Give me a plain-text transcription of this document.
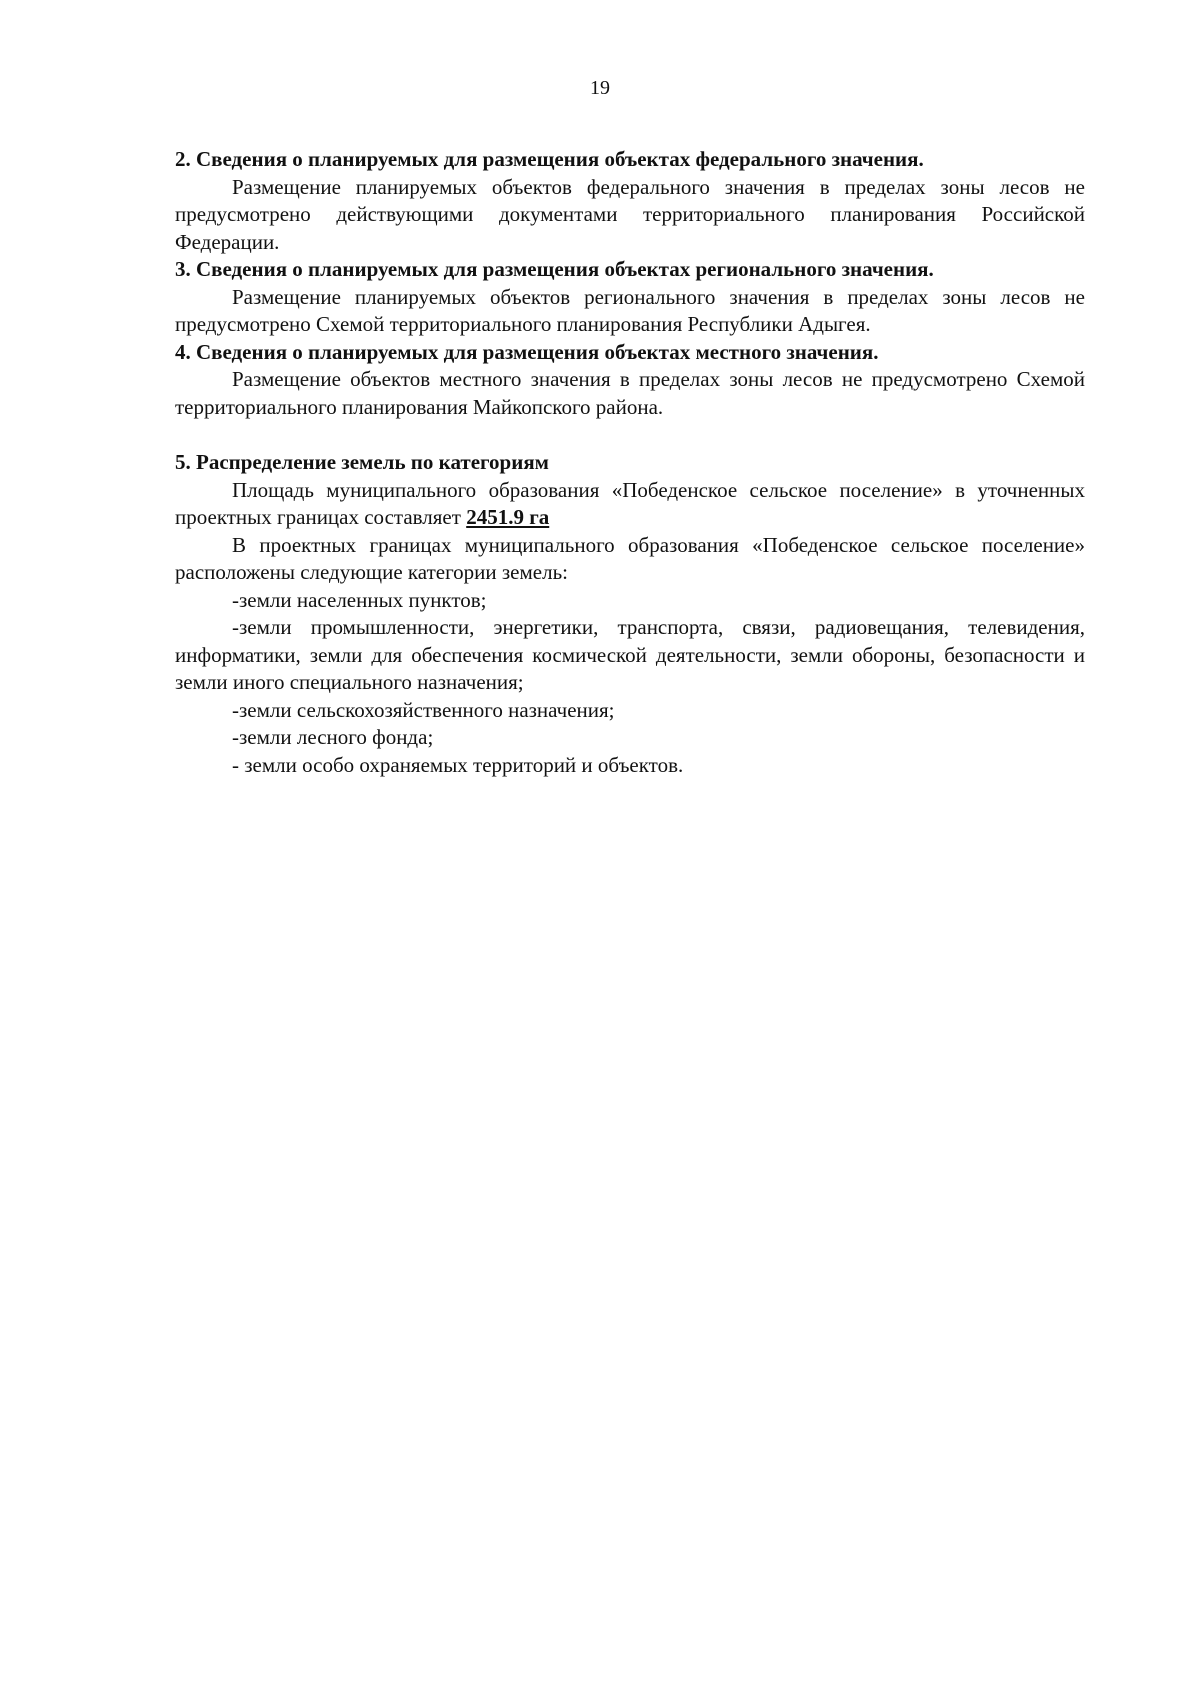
19

2. Сведения о планируемых для размещения объектах федерального значения.

Размещение планируемых объектов федерального значения в пределах зоны лесов не предусмотрено действующими документами территориального планирования Российской Федерации.

3. Сведения о планируемых для размещения объектах регионального значения.

Размещение планируемых объектов регионального значения в пределах зоны лесов не предусмотрено Схемой территориального планирования Республики Адыгея.

4. Сведения о планируемых для размещения объектах местного значения.

Размещение объектов местного значения в пределах зоны лесов не предусмотрено Схемой территориального планирования Майкопского района.

5. Распределение земель по категориям

Площадь муниципального образования «Победенское сельское поселение» в уточненных проектных границах составляет 2451.9 га

В проектных границах муниципального образования «Победенское сельское поселение» расположены следующие категории земель:

-земли населенных пунктов;

-земли промышленности, энергетики, транспорта, связи, радиовещания, телевидения, информатики, земли для обеспечения космической деятельности, земли обороны, безопасности и земли иного специального назначения;

-земли сельскохозяйственного назначения;

-земли лесного фонда;

- земли особо охраняемых территорий и объектов.
